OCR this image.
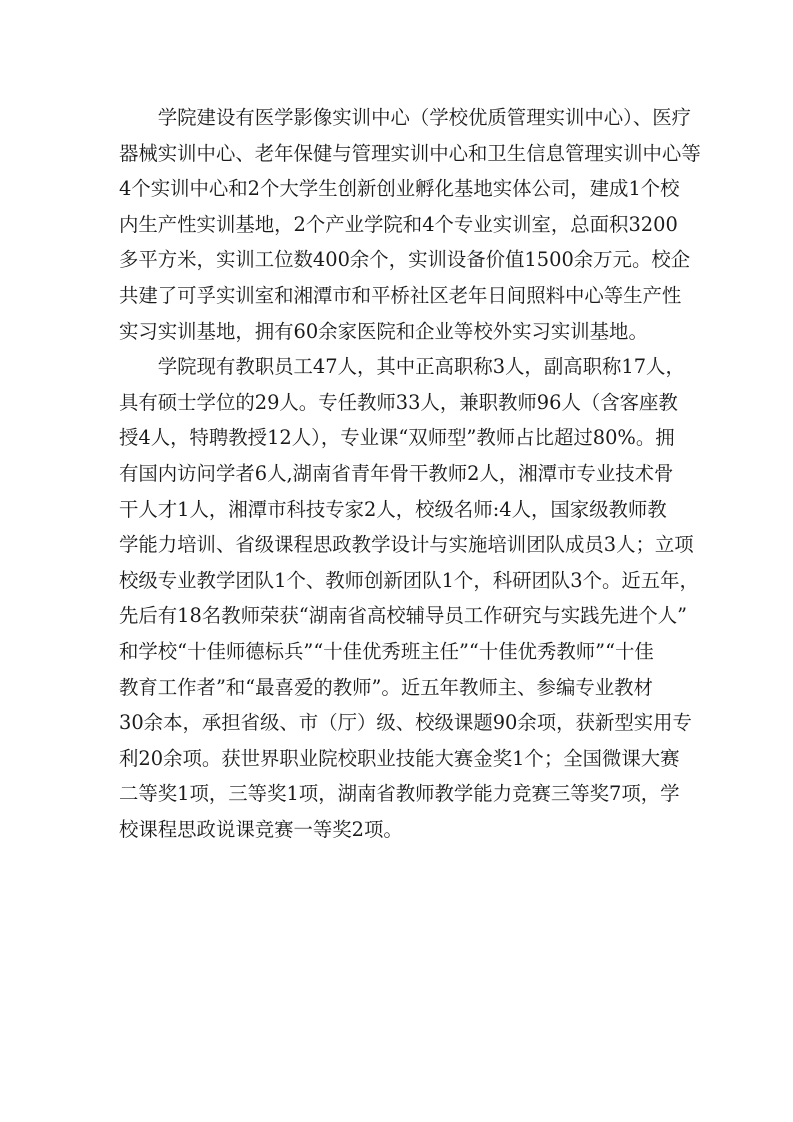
　　学院建设有医学影像实训中心（学校优质管理实训中心）、医疗
器械实训中心、老年保健与管理实训中心和卫生信息管理实训中心等
4个实训中心和2个大学生创新创业孵化基地实体公司，建成1个校
内生产性实训基地，2个产业学院和4个专业实训室，总面积3200
多平方米，实训工位数400余个，实训设备价值1500余万元。校企
共建了可孚实训室和湘潭市和平桥社区老年日间照料中心等生产性
实习实训基地，拥有60余家医院和企业等校外实习实训基地。
　　学院现有教职员工47人，其中正高职称3人，副高职称17人，
具有硕士学位的29人。专任教师33人，兼职教师96人（含客座教
授4人，特聘教授12人），专业课“双师型”教师占比超过80%。拥
有国内访问学者6人,湖南省青年骨干教师2人，湘潭市专业技术骨
干人才1人，湘潭市科技专家2人，校级名师:4人，国家级教师教
学能力培训、省级课程思政教学设计与实施培训团队成员3人；立项
校级专业教学团队1个、教师创新团队1个，科研团队3个。近五年，
先后有18名教师荣获“湖南省高校辅导员工作研究与实践先进个人”
和学校“十佳师德标兵”“十佳优秀班主任”“十佳优秀教师”“十佳
教育工作者”和“最喜爱的教师”。近五年教师主、参编专业教材
30余本，承担省级、市（厅）级、校级课题90余项，获新型实用专
利20余项。获世界职业院校职业技能大赛金奖1个；全国微课大赛
二等奖1项，三等奖1项，湖南省教师教学能力竞赛三等奖7项，学
校课程思政说课竞赛一等奖2项。
